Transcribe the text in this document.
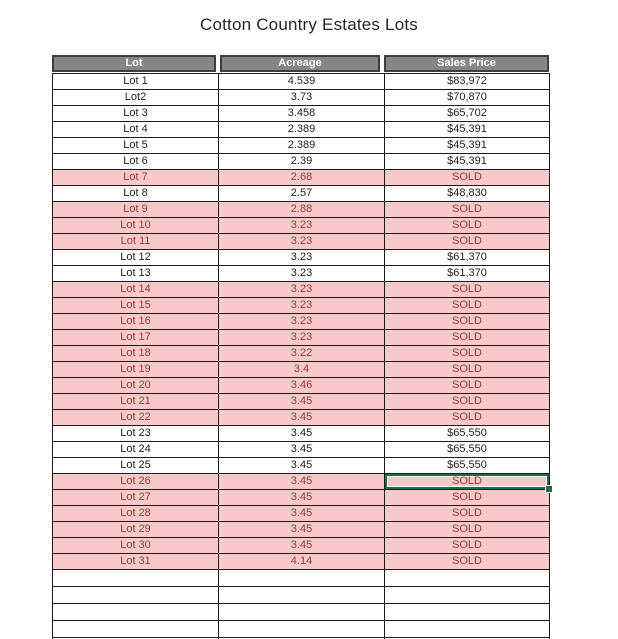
Cotton Country Estates Lots
Lot	Acreage	Sales Price
Lot 1	4.539	$83,972
Lot2	3.73	$70,870
Lot 3	3.458	$65,702
Lot 4	2.389	$45,391
Lot 5	2.389	$45,391
Lot 6	2.39	$45,391
Lot 7	2.68	SOLD
Lot 8	2.57	$48,830
Lot 9	2.88	SOLD
Lot 10	3.23	SOLD
Lot 11	3.23	SOLD
Lot 12	3.23	$61,370
Lot 13	3.23	$61,370
Lot 14	3.23	SOLD
Lot 15	3.23	SOLD
Lot 16	3.23	SOLD
Lot 17	3.23	SOLD
Lot 18	3.22	SOLD
Lot 19	3.4	SOLD
Lot 20	3.46	SOLD
Lot 21	3.45	SOLD
Lot 22	3.45	SOLD
Lot 23	3.45	$65,550
Lot 24	3.45	$65,550
Lot 25	3.45	$65,550
Lot 26	3.45	SOLD

Lot 27	3.45	SOLD
Lot 28	3.45	SOLD
Lot 29	3.45	SOLD
Lot 30	3.45	SOLD
Lot 31	4.14	SOLD
